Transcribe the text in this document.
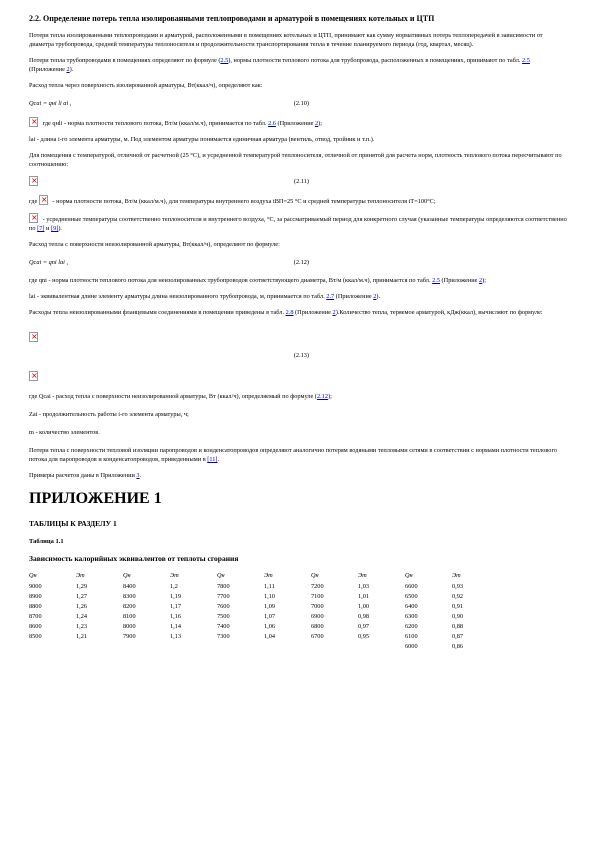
2.2. Определение потерь тепла изолированными теплопроводами и арматурой в помещениях котельных и ЦТП

Потери тепла изолированными теплопроводами и арматурой, расположенными в помещениях котельных и ЦТП, принимают как сумму нормативных потерь теплопередачей в зависимости от диаметра трубопровода, средней температуры теплоносителя и продолжительности транспортирования тепла в течение планируемого периода (год, квартал, месяц).

Потери тепла трубопроводами в помещениях определяют по формуле (2.5), нормы плотности теплового потока для трубопровода, расположенных в помещениях, принимают по табл. 2.5 (Приложение 2).

Расход тепла через поверхность изолированной арматуры, Вт(ккал/ч), определяют как:

Qcai = qнi li ai ,	(2.10)

× где qнli - норма плотности теплового потока, Вт/м (ккал/м.ч), принимается по табл. 2.6 (Приложение 2);

lai - длина i-го элемента арматуры, м. Под элементом арматуры понимается единичная арматура (вентиль, отвод, тройник и т.п.).

Для помещения с температурой, отличной от расчетной (25 °С), и усредненной температурой теплоносителя, отличной от принятой для расчета норм, плотность теплового потока пересчитывают по соотношению:

×

(2.11)

где × - норма плотности потока, Вт/м (ккал/м.ч), для температуры внутреннего воздуха tВП=25 °С и средней температуры теплоносителя tT=100°C;

× - усредненные температуры соответственно теплоносителя и внутреннего воздуха, °С, за рассматриваемый период для конкретного случая (указанные температуры определяются соответственно по [7] и [9]).

Расход тепла с поверхности неизолированной арматуры, Вт(ккал/ч), определяют по формуле:

Qcai = qni lai ,	(2.12)

где qni - норма плотности теплового потока для неизолированных трубопроводов соответствующего диаметра, Вт/м (ккал/м.ч), принимается по табл. 2.5 (Приложение 2);

lai - эквивалентная длине элементу арматуры длина неизолированного трубопровода, м, принимается по табл. 2.7 (Приложение 2).

Расходы тепла неизолированными фланцевыми соединениями в помещении приведены в табл. 2.8 (Приложение 2).Количество тепла, теряемое арматурой, кДж(ккал), вычисляют по формуле:

×

(2.13)

×

где Qcai - расход тепла с поверхности неизолированной арматуры, Вт (ккал/ч), определяемый по формуле (2.12);

Zai - продолжительность работы i-го элемента арматуры, ч;

m - количество элементов.

Потери тепла с поверхности тепловой изоляции паропроводов и конденсатопроводов определяют аналогично потерям водяными тепловыми сетями в соответствии с нормами плотности теплового потока для паропроводов и конденсатопроводов, приведенными в [11].

Примеры расчетов даны в Приложении 3.

ПРИЛОЖЕНИЕ 1

ТАБЛИЦЫ К РАЗДЕЛУ 1

Таблица 1.1

Зависимость калорийных эквивалентов от теплоты сгорания

Qн	Эт	Qн	Эт	Qн	Эт	Qн	Эт	Qн	Эт
9000	1,29	8400	1,2	7800	1,11	7200	1,03	6600	0,93
8900	1,27	8300	1,19	7700	1,10	7100	1,01	6500	0,92
8800	1,26	8200	1,17	7600	1,09	7000	1,00	6400	0,91
8700	1,24	8100	1,16	7500	1,07	6900	0,98	6300	0,90
8600	1,23	8000	1,14	7400	1,06	6800	0,97	6200	0,88
8500	1,21	7900	1,13	7300	1,04	6700	0,95	6100	0,87
								6000	0,86
